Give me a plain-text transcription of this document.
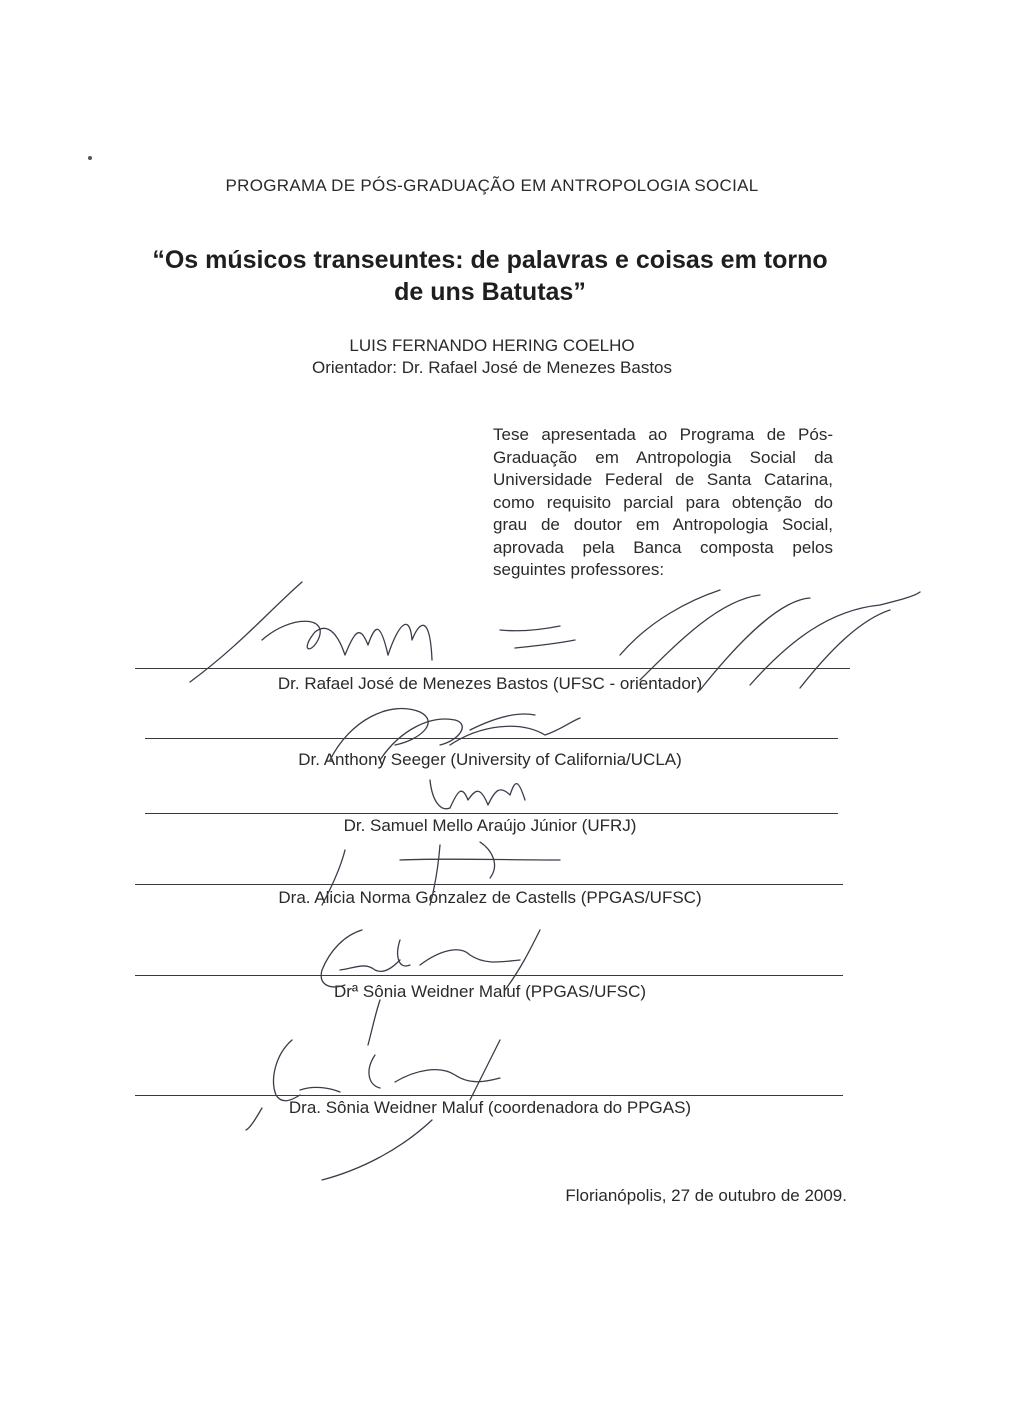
PROGRAMA DE PÓS-GRADUAÇÃO EM ANTROPOLOGIA SOCIAL
“Os músicos transeuntes: de palavras e coisas em torno
de uns Batutas”
LUIS FERNANDO HERING COELHO
Orientador: Dr. Rafael José de Menezes Bastos
Tese apresentada ao Programa de Pós-Graduação em Antropologia Social da Universidade Federal de Santa Catarina, como requisito parcial para obtenção do grau de doutor em Antropologia Social, aprovada pela Banca composta pelos seguintes professores:
Dr. Rafael José de Menezes Bastos (UFSC - orientador)
Dr. Anthony Seeger (University of California/UCLA)
Dr. Samuel Mello Araújo Júnior (UFRJ)
Dra. Alicia Norma Gónzalez de Castells (PPGAS/UFSC)
Drª Sônia Weidner Maluf (PPGAS/UFSC)
Dra. Sônia Weidner Maluf (coordenadora do PPGAS)
Florianópolis, 27 de outubro de 2009.
